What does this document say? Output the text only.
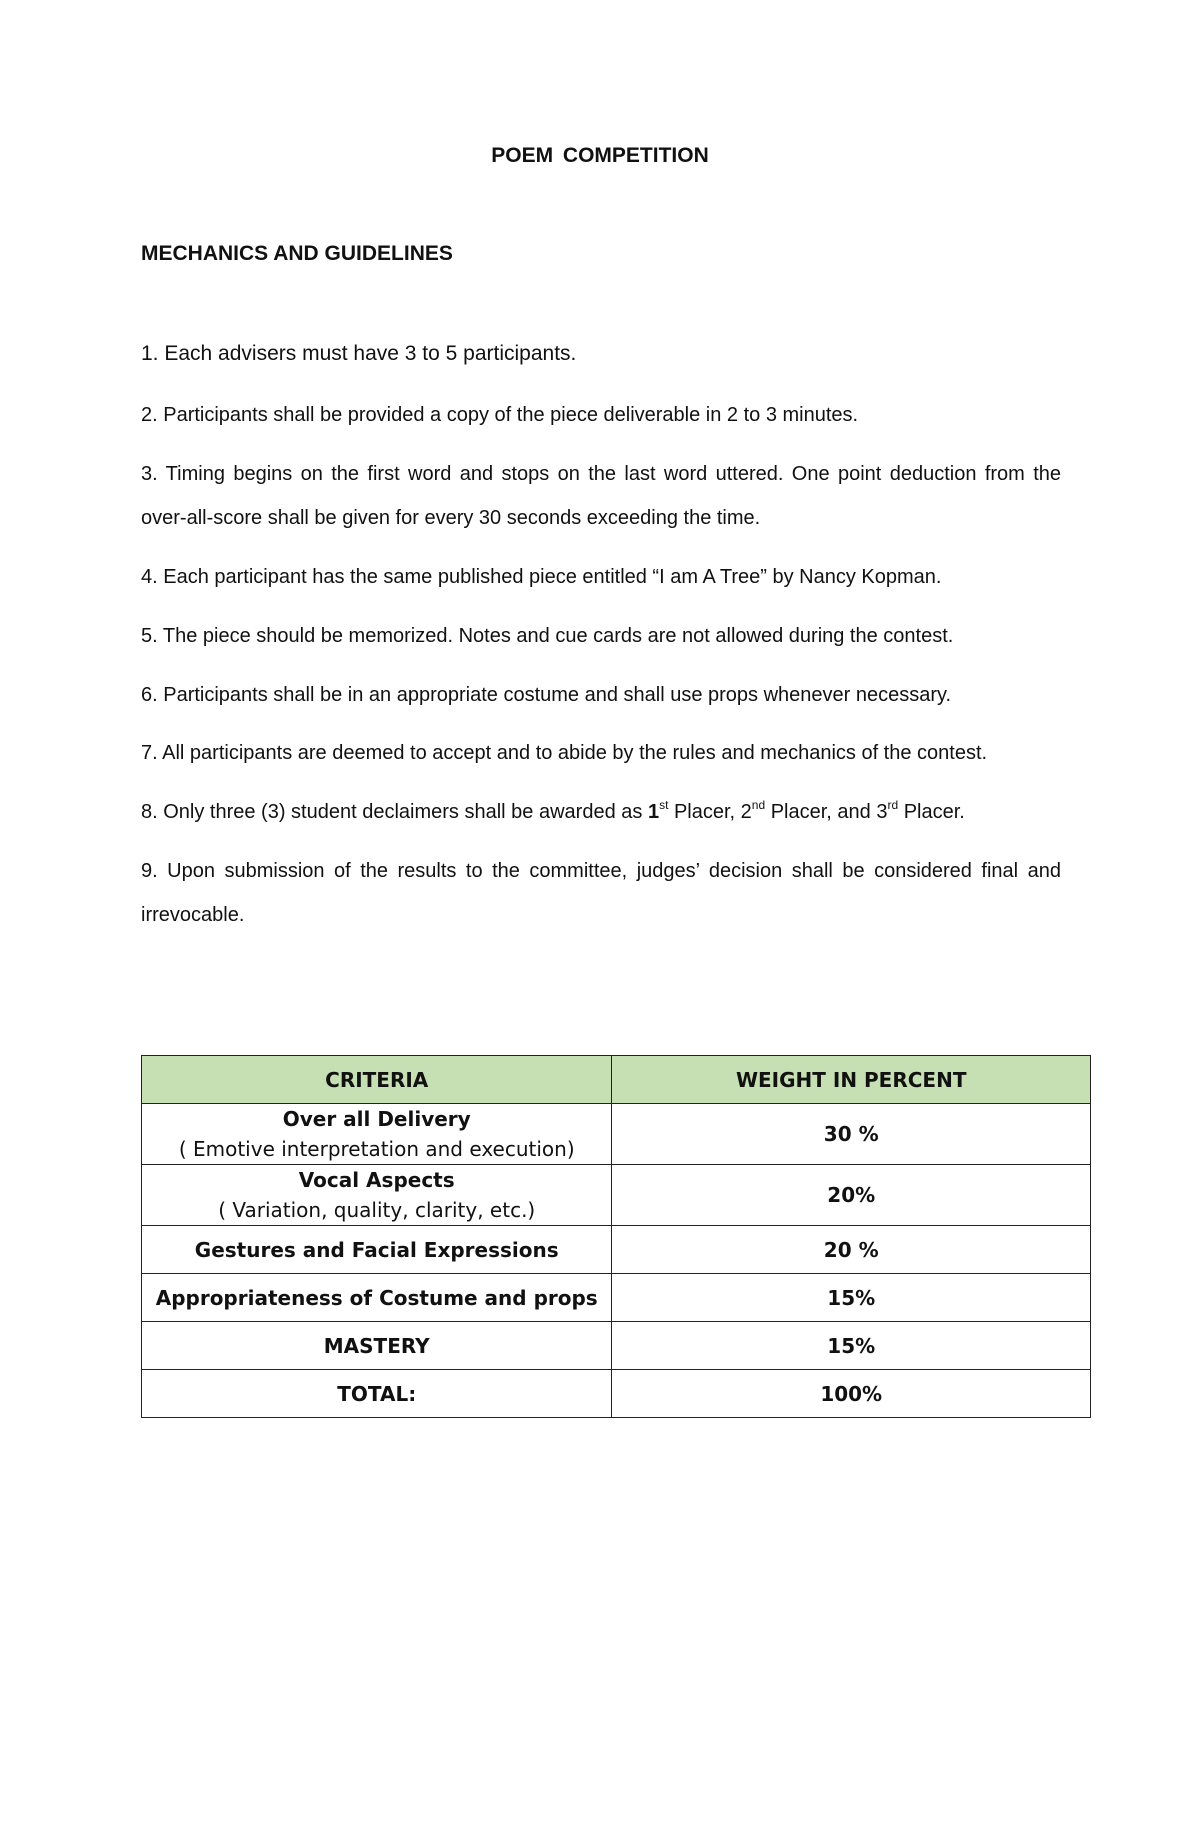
POEM COMPETITION
MECHANICS AND GUIDELINES
1. Each advisers must have 3 to 5 participants.
2. Participants shall be provided a copy of the piece deliverable in 2 to 3 minutes.
3. Timing begins on the first word and stops on the last word uttered. One point deduction from the over-all-score shall be given for every 30 seconds exceeding the time.
4. Each participant has the same published piece entitled “I am A Tree” by Nancy Kopman.
5. The piece should be memorized. Notes and cue cards are not allowed during the contest.
6. Participants shall be in an appropriate costume and shall use props whenever necessary.
7. All participants are deemed to accept and to abide by the rules and mechanics of the contest.
8. Only three (3) student declaimers shall be awarded as 1st Placer, 2nd Placer, and 3rd Placer.
9. Upon submission of the results to the committee, judges’ decision shall be considered final and irrevocable.
CRITERIA	WEIGHT IN PERCENT

Over all Delivery
( Emotive interpretation and execution)	30 %

Vocal Aspects
( Variation, quality, clarity, etc.)	20%

Gestures and Facial Expressions	20 %

Appropriateness of Costume and props	15%

MASTERY	15%

TOTAL:	100%
